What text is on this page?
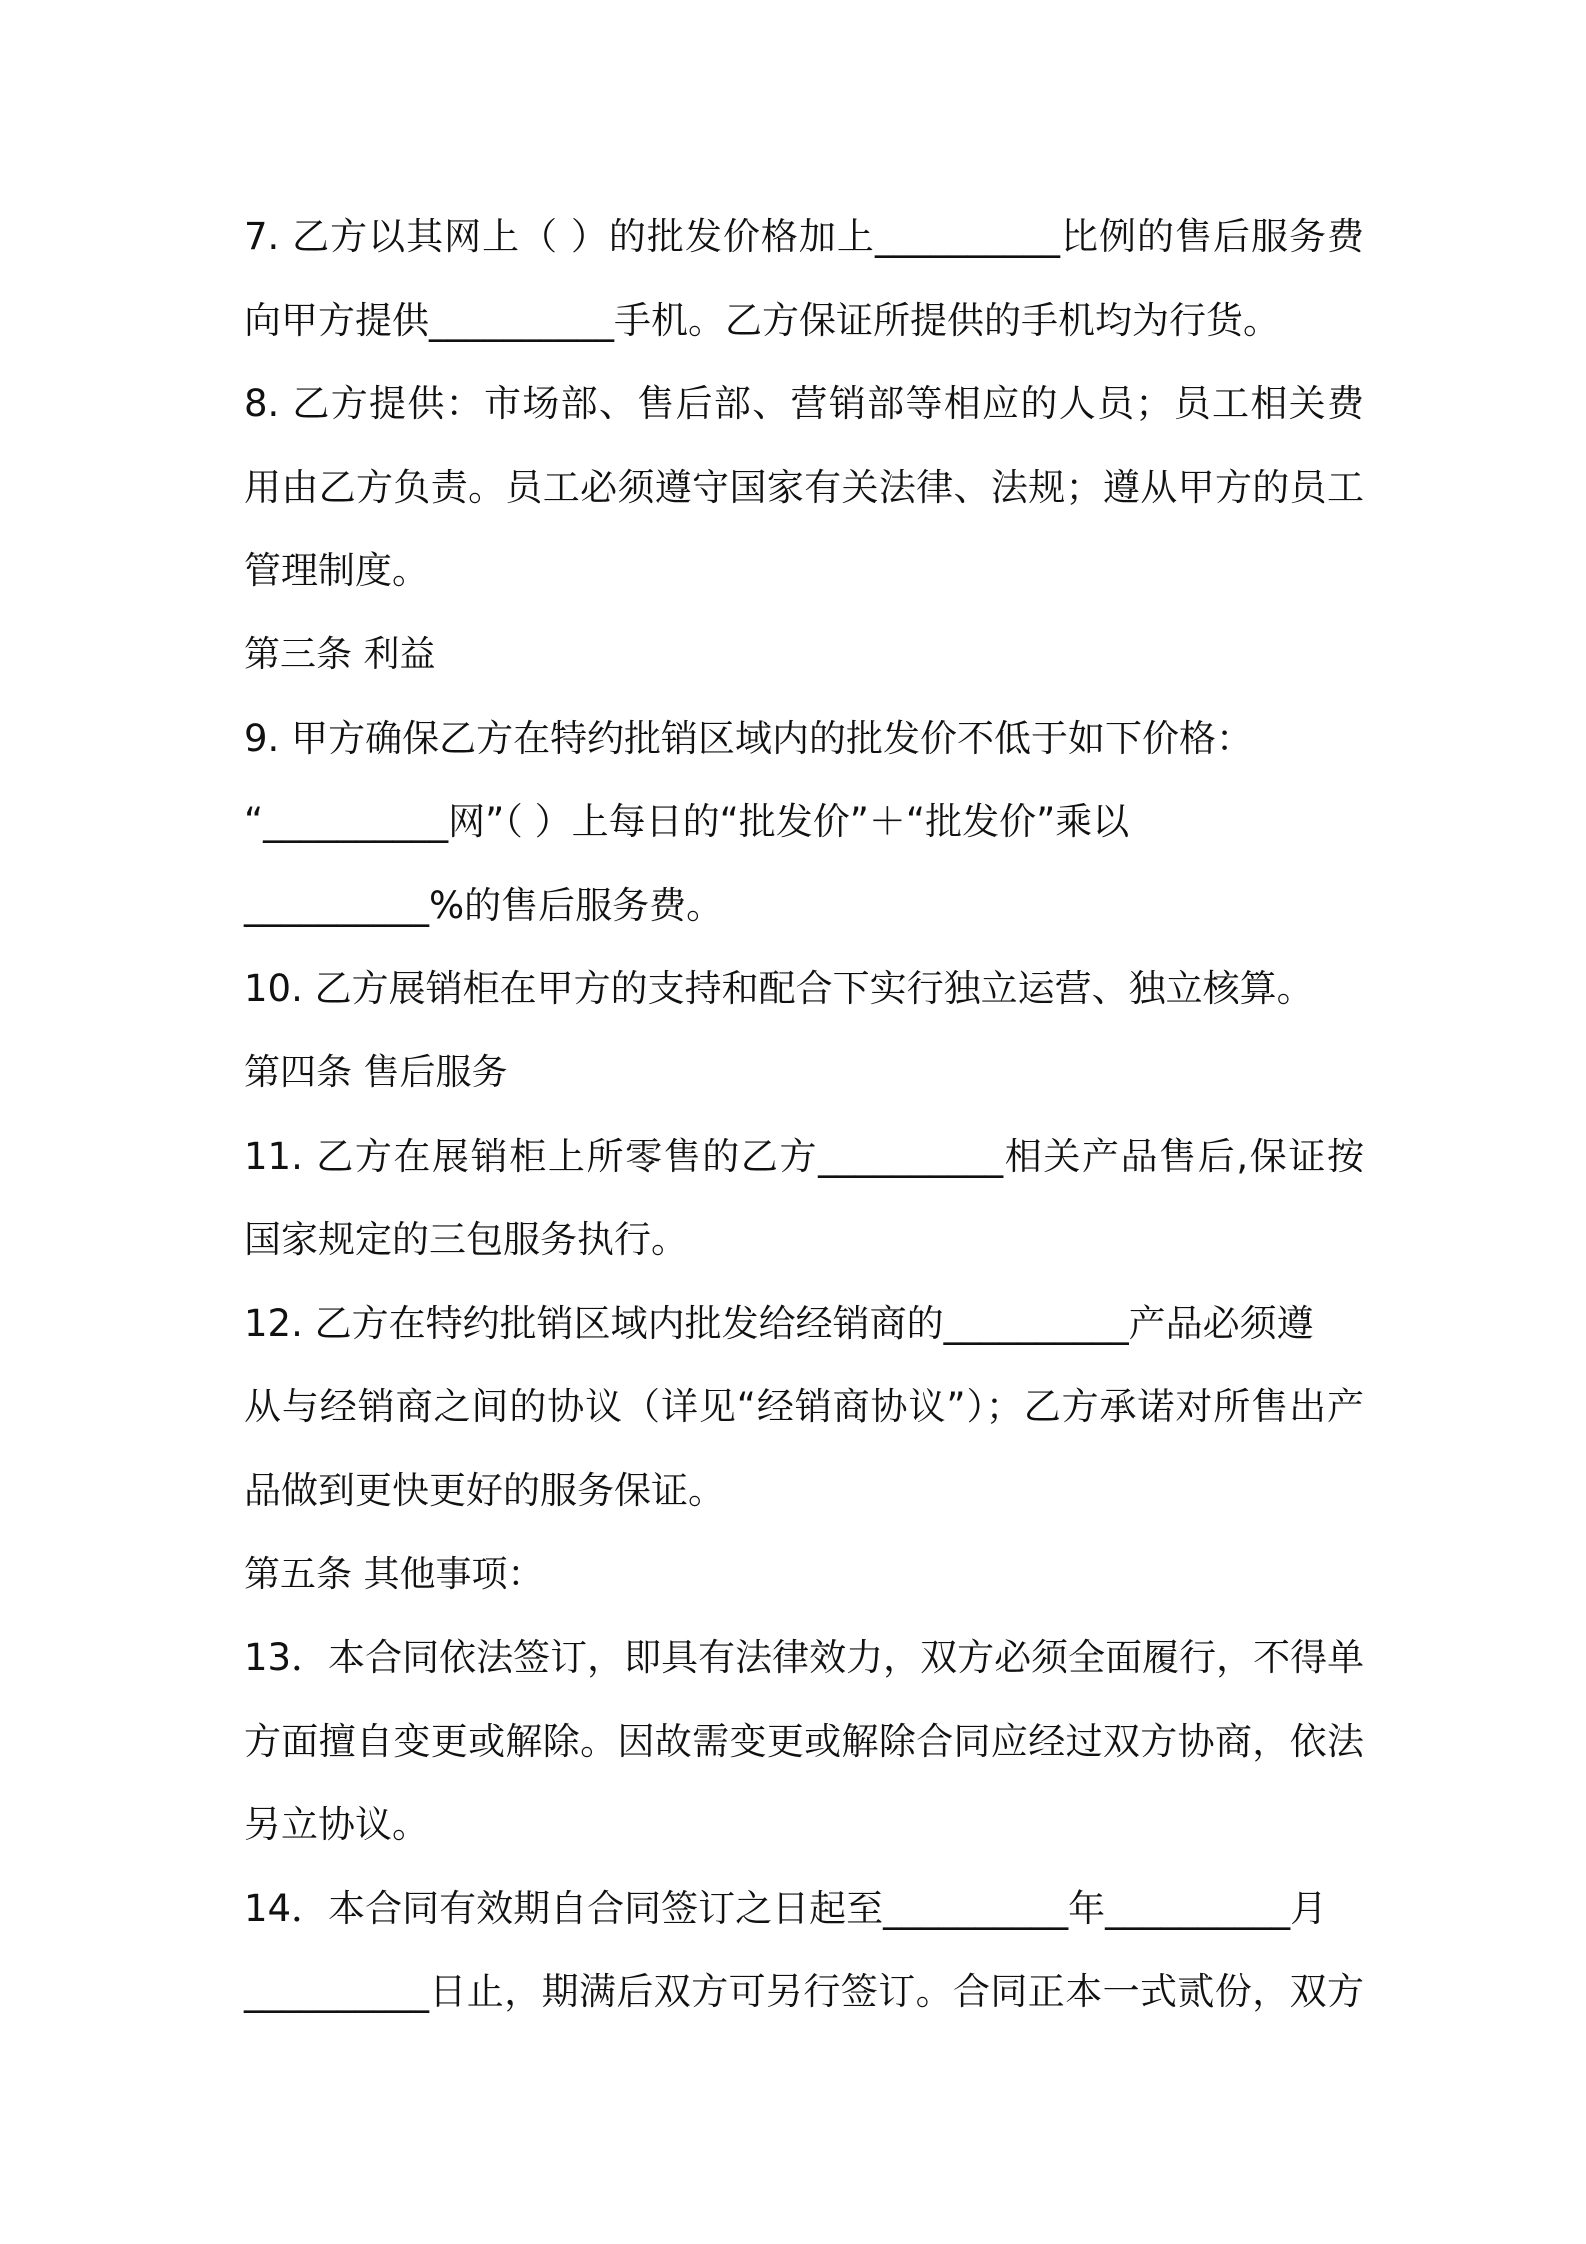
7. 乙方以其网上（ ）的批发价格加上__________比例的售后服务费
向甲方提供__________手机。乙方保证所提供的手机均为行货。
8. 乙方提供：市场部、售后部、营销部等相应的人员；员工相关费
用由乙方负责。员工必须遵守国家有关法律、法规；遵从甲方的员工
管理制度。
第三条 利益
9. 甲方确保乙方在特约批销区域内的批发价不低于如下价格：
“__________网”（ ）上每日的“批发价”＋“批发价”乘以
__________%的售后服务费。
10. 乙方展销柜在甲方的支持和配合下实行独立运营、独立核算。
第四条 售后服务
11. 乙方在展销柜上所零售的乙方__________相关产品售后,保证按
国家规定的三包服务执行。
12. 乙方在特约批销区域内批发给经销商的__________产品必须遵
从与经销商之间的协议（详见“经销商协议”）；乙方承诺对所售出产
品做到更快更好的服务保证。
第五条 其他事项：
13．本合同依法签订，即具有法律效力，双方必须全面履行，不得单
方面擅自变更或解除。因故需变更或解除合同应经过双方协商，依法
另立协议。
14．本合同有效期自合同签订之日起至__________年__________月
__________日止，期满后双方可另行签订。合同正本一式贰份，双方
